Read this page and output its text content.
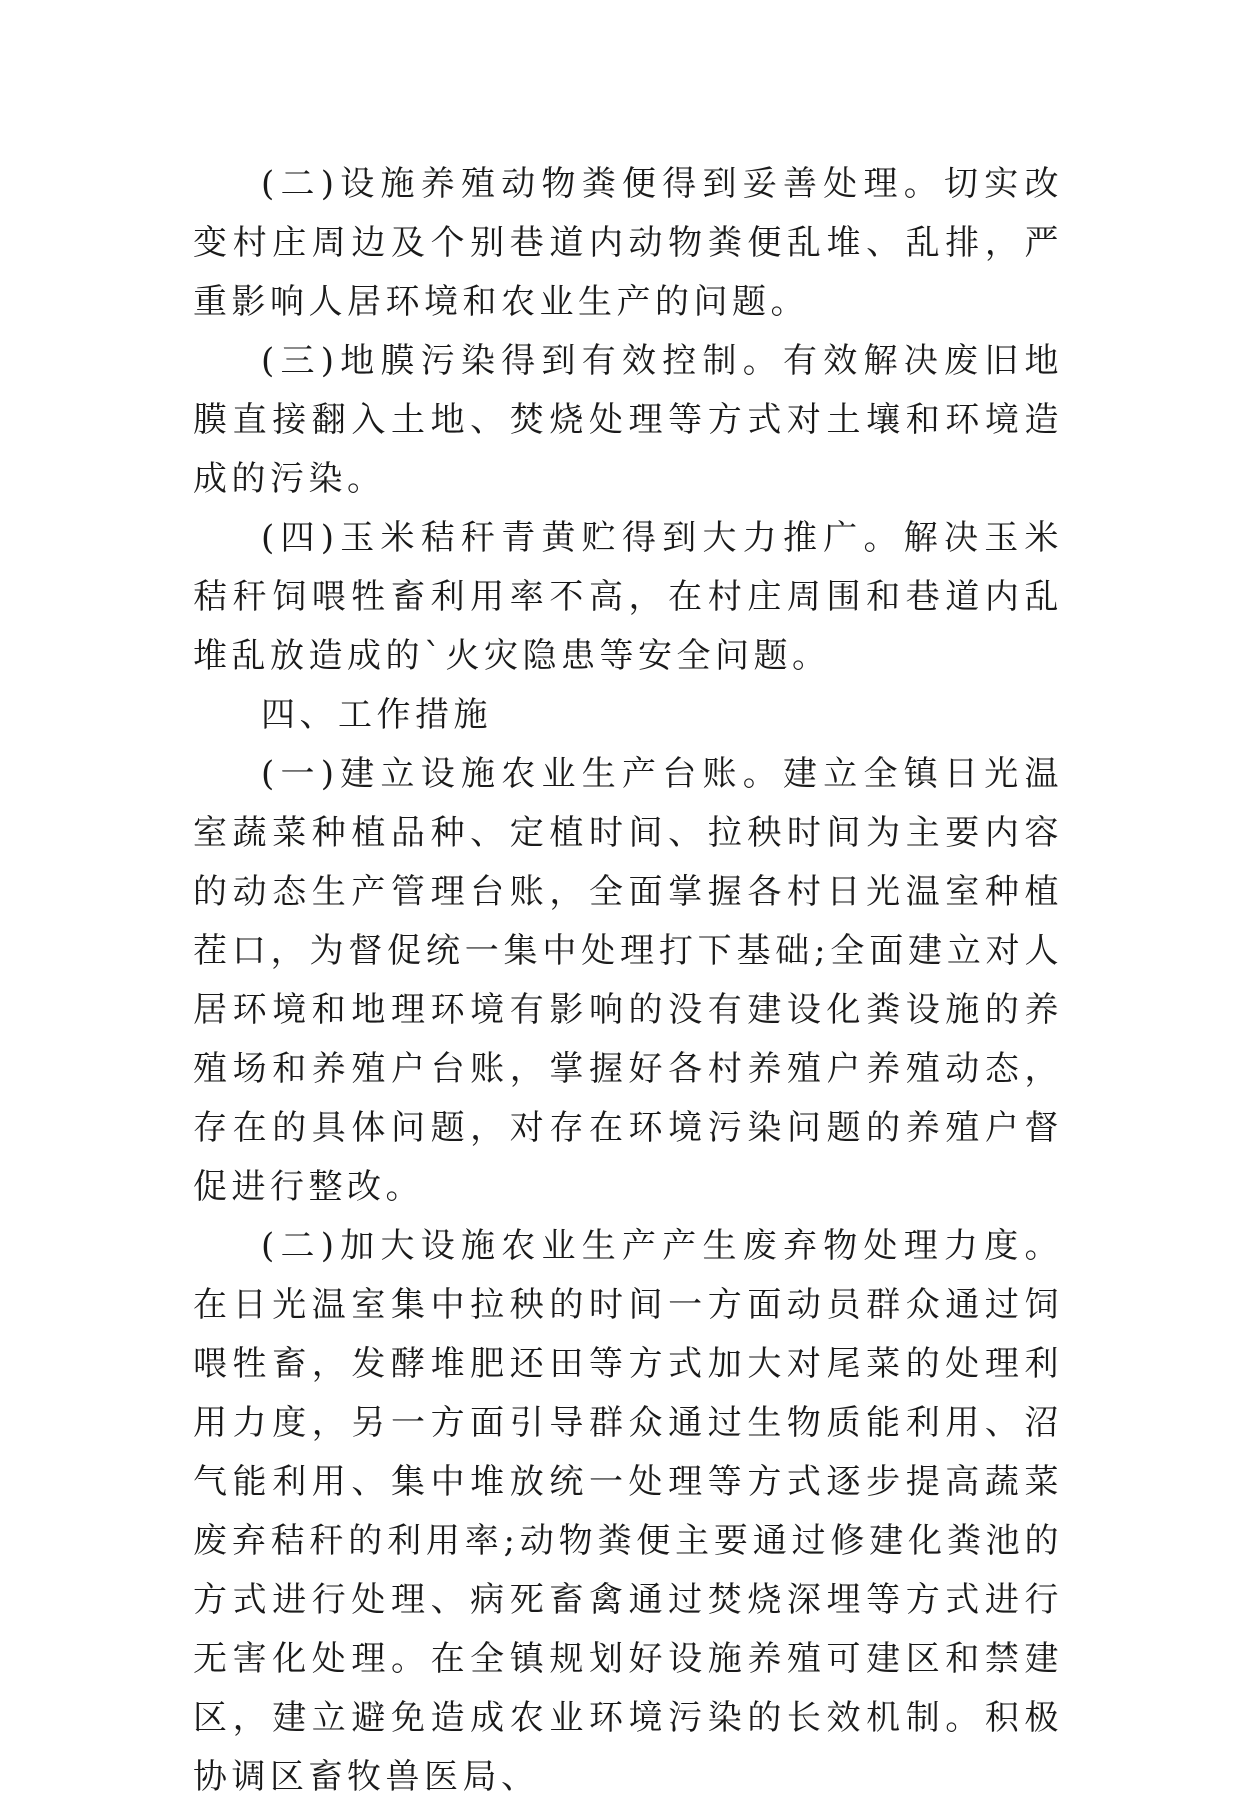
(二)设施养殖动物粪便得到妥善处理。切实改变村庄周边及个别巷道内动物粪便乱堆、乱排，严重影响人居环境和农业生产的问题。

(三)地膜污染得到有效控制。有效解决废旧地膜直接翻入土地、焚烧处理等方式对土壤和环境造成的污染。

(四)玉米秸秆青黄贮得到大力推广。解决玉米秸秆饲喂牲畜利用率不高，在村庄周围和巷道内乱堆乱放造成的`火灾隐患等安全问题。

四、工作措施

(一)建立设施农业生产台账。建立全镇日光温室蔬菜种植品种、定植时间、拉秧时间为主要内容的动态生产管理台账，全面掌握各村日光温室种植茬口，为督促统一集中处理打下基础;全面建立对人居环境和地理环境有影响的没有建设化粪设施的养殖场和养殖户台账，掌握好各村养殖户养殖动态，存在的具体问题，对存在环境污染问题的养殖户督促进行整改。

(二)加大设施农业生产产生废弃物处理力度。在日光温室集中拉秧的时间一方面动员群众通过饲喂牲畜，发酵堆肥还田等方式加大对尾菜的处理利用力度，另一方面引导群众通过生物质能利用、沼气能利用、集中堆放统一处理等方式逐步提高蔬菜废弃秸秆的利用率;动物粪便主要通过修建化粪池的方式进行处理、病死畜禽通过焚烧深埋等方式进行无害化处理。在全镇规划好设施养殖可建区和禁建区，建立避免造成农业环境污染的长效机制。积极协调区畜牧兽医局、
